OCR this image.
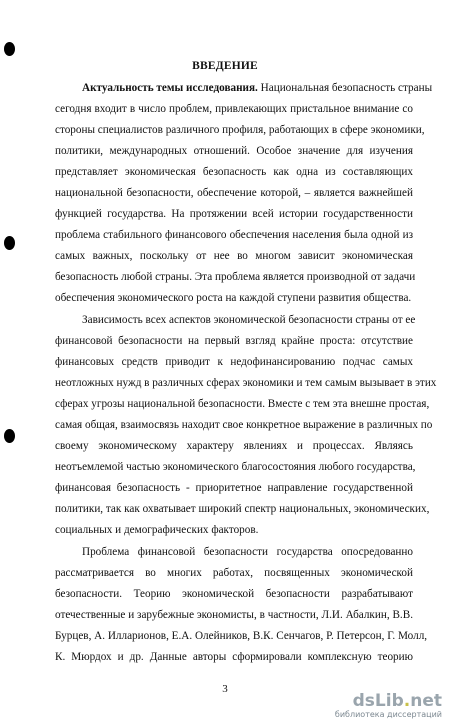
ВВЕДЕНИЕ
Актуальность темы исследования. Национальная безопасность страны
сегодня входит в число проблем, привлекающих пристальное внимание со
стороны специалистов различного профиля, работающих в сфере экономики,
политики, международных отношений. Особое значение для изучения
представляет экономическая безопасность как одна из составляющих
национальной безопасности, обеспечение которой, – является важнейшей
функцией государства. На протяжении всей истории государственности
проблема стабильного финансового обеспечения населения была одной из
самых важных, поскольку от нее во многом зависит экономическая
безопасность любой страны. Эта проблема является производной от задачи
обеспечения экономического роста на каждой ступени развития общества.
Зависимость всех аспектов экономической безопасности страны от ее
финансовой безопасности на первый взгляд крайне проста: отсутствие
финансовых средств приводит к недофинансированию подчас самых
неотложных нужд в различных сферах экономики и тем самым вызывает в этих
сферах угрозы национальной безопасности. Вместе с тем эта внешне простая,
самая общая, взаимосвязь находит свое конкретное выражение в различных по
своему экономическому характеру явлениях и процессах. Являясь
неотъемлемой частью экономического благосостояния любого государства,
финансовая безопасность - приоритетное направление государственной
политики, так как охватывает широкий спектр национальных, экономических,
социальных и демографических факторов.
Проблема финансовой безопасности государства опосредованно
рассматривается во многих работах, посвященных экономической
безопасности. Теорию экономической безопасности разрабатывают
отечественные и зарубежные экономисты, в частности, Л.И. Абалкин, В.В.
Бурцев, А. Илларионов, Е.А. Олейников, В.К. Сенчагов, Р. Петерсон, Г. Молл,
К. Мюрдох и др. Данные авторы сформировали комплексную теорию
3
dsLib.net
библиотека диссертаций
